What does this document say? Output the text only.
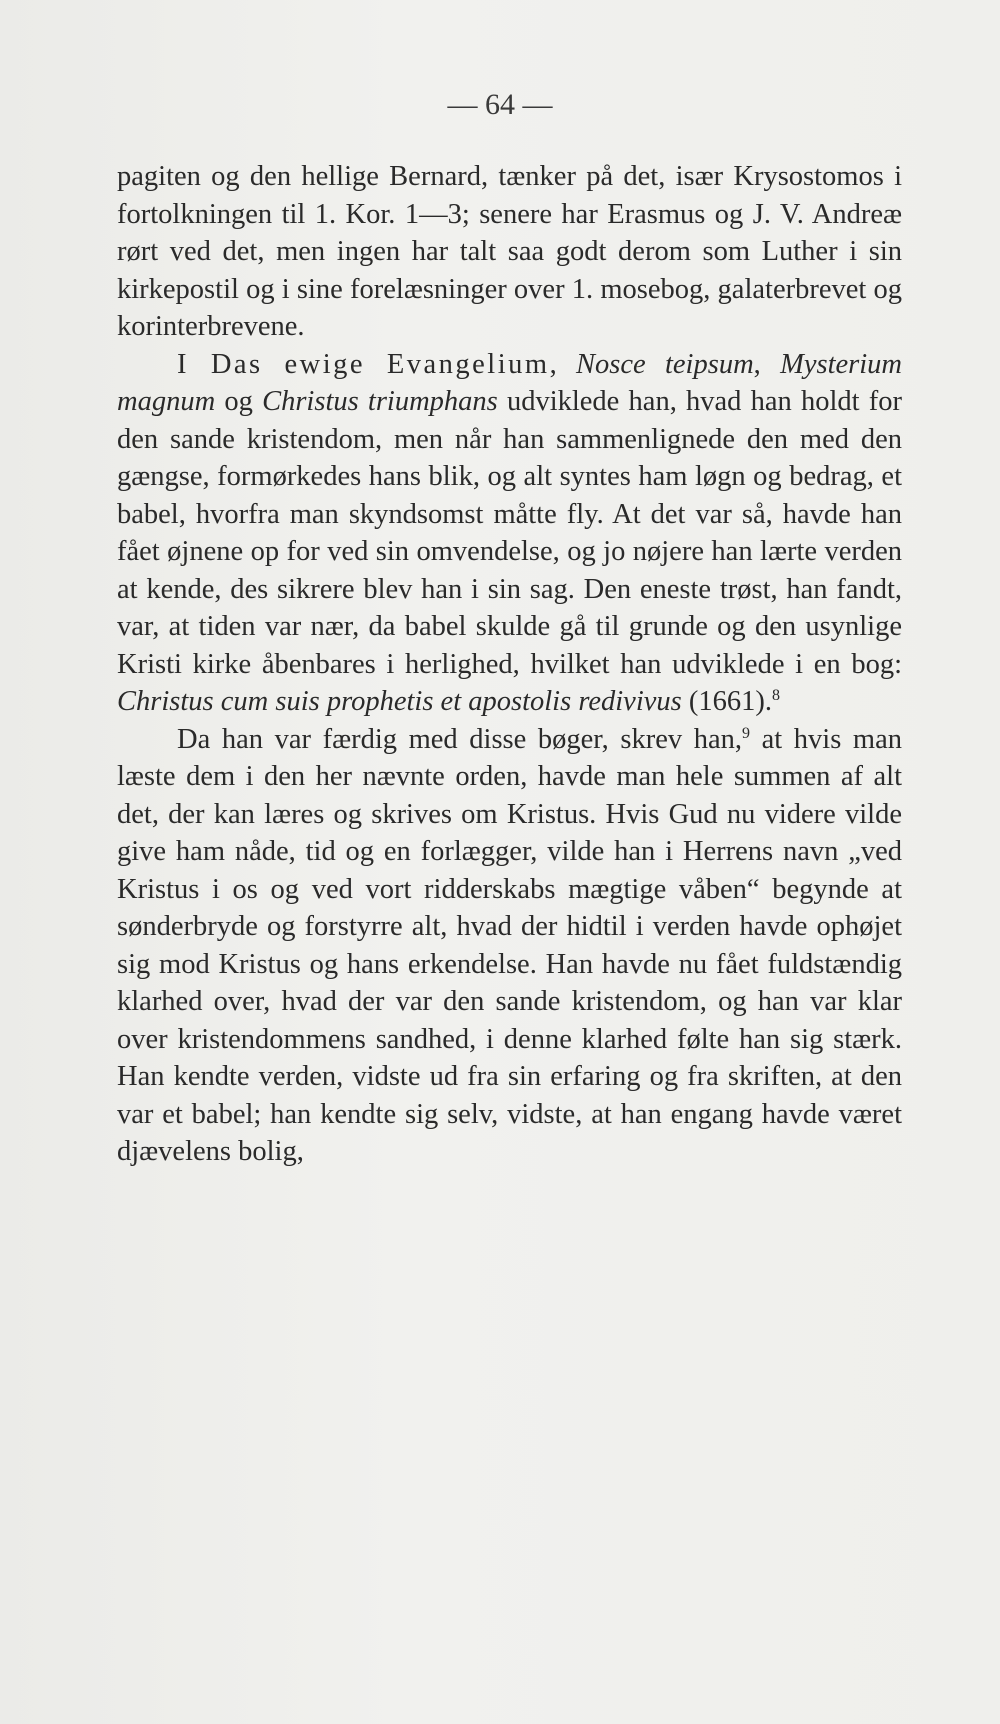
— 64 —

pagiten og den hellige Bernard, tænker på det, især Krysostomos i fortolkningen til 1. Kor. 1—3; senere har Erasmus og J. V. Andreæ rørt ved det, men ingen har talt saa godt derom som Luther i sin kirkepostil og i sine forelæsninger over 1. mosebog, galaterbrevet og korinterbrevene.

I Das ewige Evangelium, Nosce teipsum, Mysterium magnum og Christus triumphans udviklede han, hvad han holdt for den sande kristendom, men når han sammenlignede den med den gængse, formørkedes hans blik, og alt syntes ham løgn og bedrag, et babel, hvorfra man skyndsomst måtte fly. At det var så, havde han fået øjnene op for ved sin omvendelse, og jo nøjere han lærte verden at kende, des sikrere blev han i sin sag. Den eneste trøst, han fandt, var, at tiden var nær, da babel skulde gå til grunde og den usynlige Kristi kirke åbenbares i herlighed, hvilket han udviklede i en bog: Christus cum suis prophetis et apostolis redivivus (1661).$^8$

Da han var færdig med disse bøger, skrev han,$^9$ at hvis man læste dem i den her nævnte orden, havde man hele summen af alt det, der kan læres og skrives om Kristus. Hvis Gud nu videre vilde give ham nåde, tid og en forlægger, vilde han i Herrens navn „ved Kristus i os og ved vort ridderskabs mægtige våben“ begynde at sønderbryde og forstyrre alt, hvad der hidtil i verden havde ophøjet sig mod Kristus og hans erkendelse. Han havde nu fået fuldstændig klarhed over, hvad der var den sande kristendom, og han var klar over kristendommens sandhed, i denne klarhed følte han sig stærk. Han kendte verden, vidste ud fra sin erfaring og fra skriften, at den var et babel; han kendte sig selv, vidste, at han engang havde været djævelens bolig,
